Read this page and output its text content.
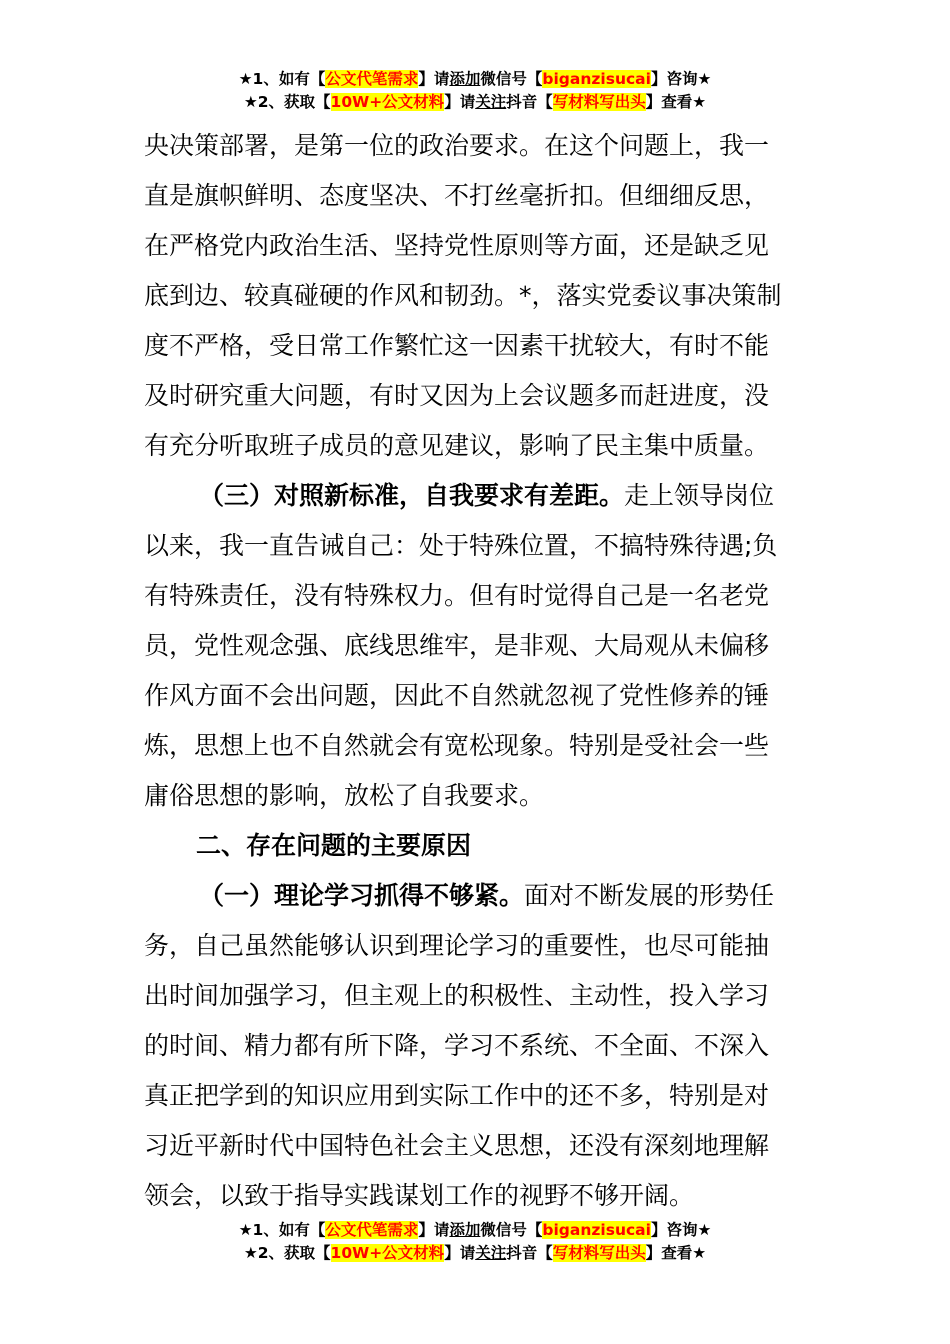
★1、如有【公文代笔需求】请添加微信号【biganzisucai】咨询★
★2、获取【10W+公文材料】请关注抖音【写材料写出头】查看★
央决策部署，是第一位的政治要求。在这个问题上，我一
直是旗帜鲜明、态度坚决、不打丝毫折扣。但细细反思，
在严格党内政治生活、坚持党性原则等方面，还是缺乏见
底到边、较真碰硬的作风和韧劲。*，落实党委议事决策制
度不严格，受日常工作繁忙这一因素干扰较大，有时不能
及时研究重大问题，有时又因为上会议题多而赶进度，没
有充分听取班子成员的意见建议，影响了民主集中质量。
（三）对照新标准，自我要求有差距。走上领导岗位
以来，我一直告诫自己：处于特殊位置，不搞特殊待遇;负
有特殊责任，没有特殊权力。但有时觉得自己是一名老党
员，党性观念强、底线思维牢，是非观、大局观从未偏移
作风方面不会出问题，因此不自然就忽视了党性修养的锤
炼，思想上也不自然就会有宽松现象。特别是受社会一些
庸俗思想的影响，放松了自我要求。
二、存在问题的主要原因
（一）理论学习抓得不够紧。面对不断发展的形势任
务，自己虽然能够认识到理论学习的重要性，也尽可能抽
出时间加强学习，但主观上的积极性、主动性，投入学习
的时间、精力都有所下降，学习不系统、不全面、不深入
真正把学到的知识应用到实际工作中的还不多，特别是对
习近平新时代中国特色社会主义思想，还没有深刻地理解
领会，以致于指导实践谋划工作的视野不够开阔。
★1、如有【公文代笔需求】请添加微信号【biganzisucai】咨询★
★2、获取【10W+公文材料】请关注抖音【写材料写出头】查看★
